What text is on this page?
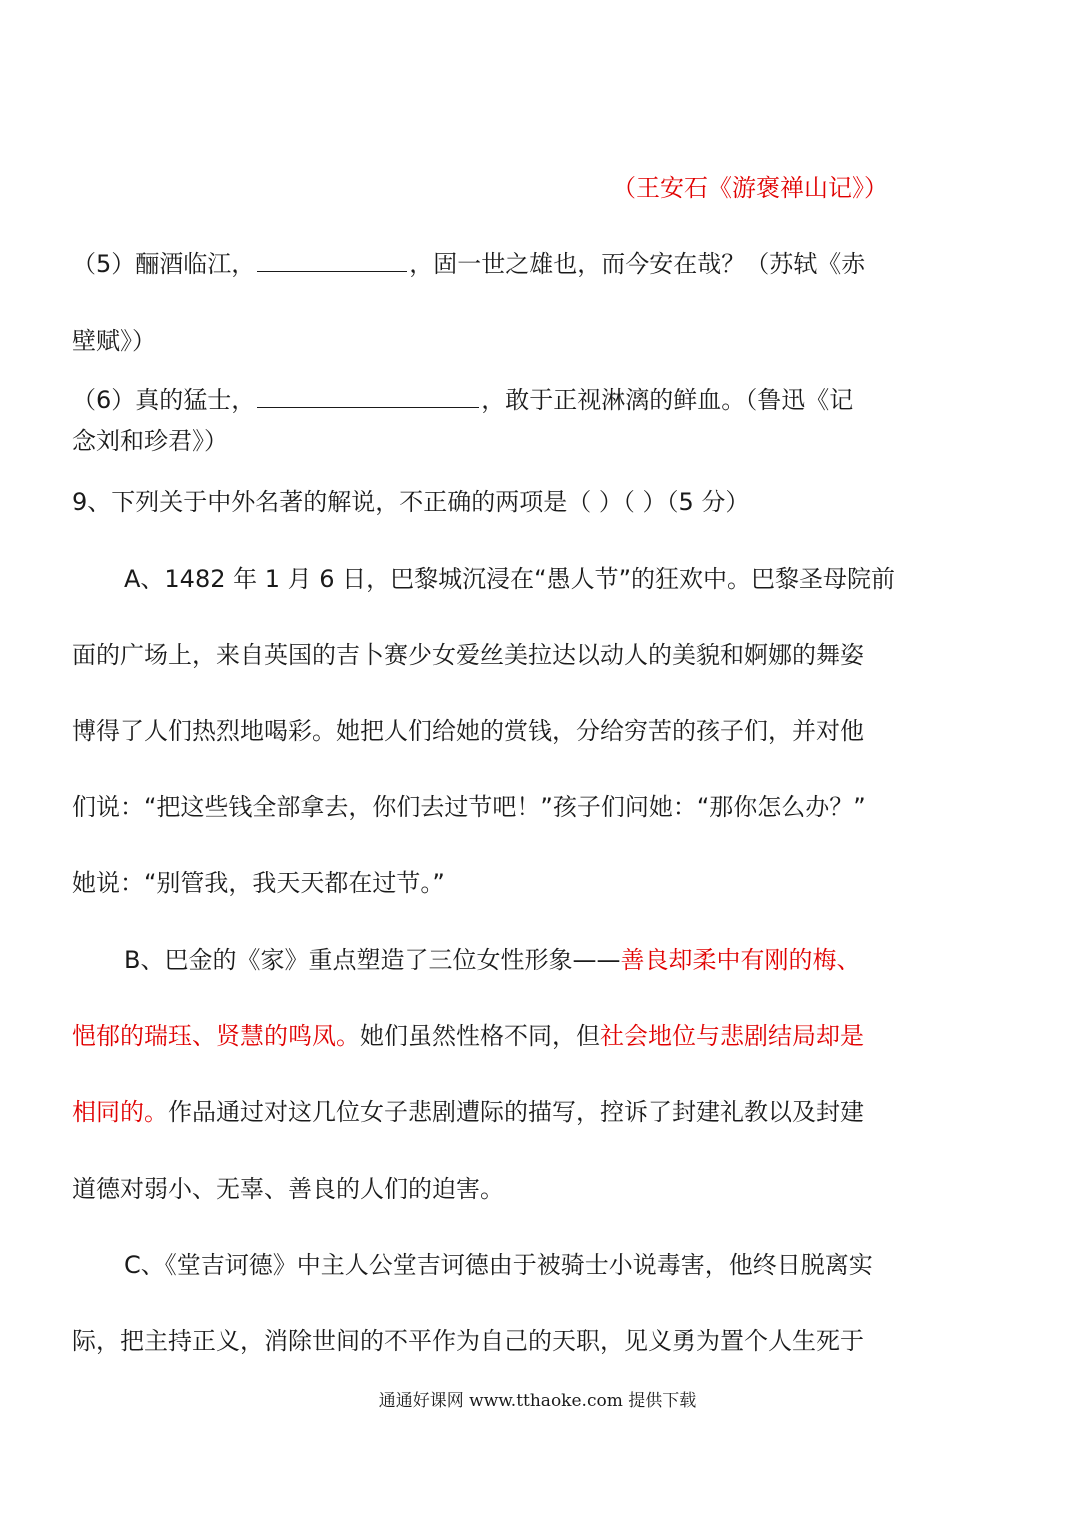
（王安石《游褒禅山记》）
（5）酾酒临江，	，固一世之雄也，而今安在哉？（苏轼《赤
壁赋》）
（6）真的猛士，	，敢于正视淋漓的鲜血。（鲁迅《记
念刘和珍君》）
9、下列关于中外名著的解说，不正确的两项是（ ）（ ）（5 分）
A、1482 年 1 月 6 日，巴黎城沉浸在“愚人节”的狂欢中。巴黎圣母院前
面的广场上，来自英国的吉卜赛少女爱丝美拉达以动人的美貌和婀娜的舞姿
博得了人们热烈地喝彩。她把人们给她的赏钱，分给穷苦的孩子们，并对他
们说：“把这些钱全部拿去，你们去过节吧！”孩子们问她：“那你怎么办？”
她说：“别管我，我天天都在过节。”
B、巴金的《家》重点塑造了三位女性形象——善良却柔中有刚的梅、
悒郁的瑞珏、贤慧的鸣凤。她们虽然性格不同，但社会地位与悲剧结局却是
相同的。作品通过对这几位女子悲剧遭际的描写，控诉了封建礼教以及封建
道德对弱小、无辜、善良的人们的迫害。
C、《堂吉诃德》中主人公堂吉诃德由于被骑士小说毒害，他终日脱离实
际，把主持正义，消除世间的不平作为自己的天职，见义勇为置个人生死于
通通好课网 www.tthaoke.com 提供下载
